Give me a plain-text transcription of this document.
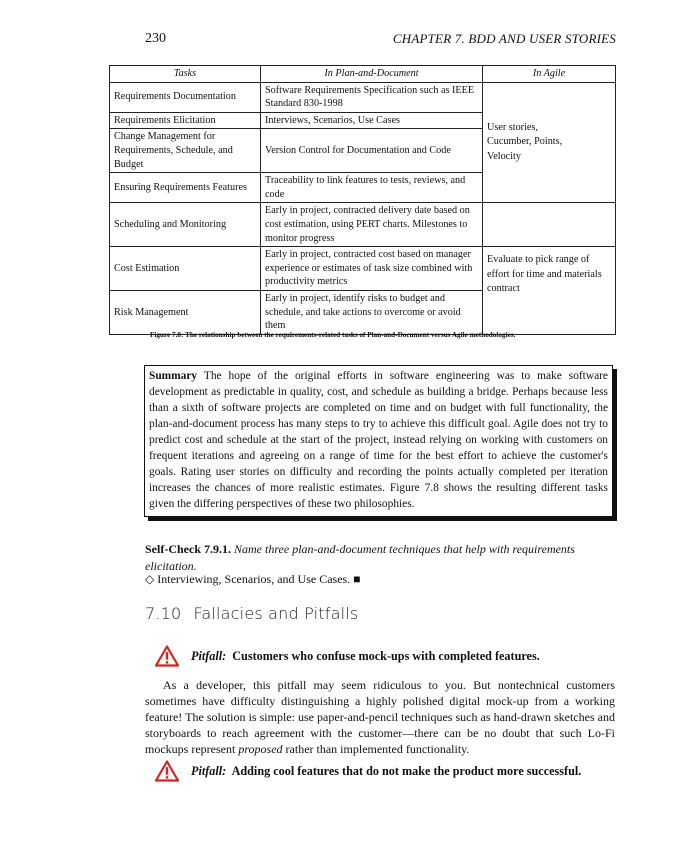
230	CHAPTER 7. BDD AND USER STORIES
Tasks	In Plan-and-Document	In Agile
Requirements Documentation	Software Requirements Specification such as IEEE Standard 830-1998	User stories, Cucumber, Points, Velocity

Requirements Elicitation	Interviews, Scenarios, Use Cases	
Change Management for Requirements, Schedule, and Budget	Version Control for Documentation and Code	
Ensuring Requirements Features	Traceability to link features to tests, reviews, and code	
Scheduling and Monitoring	Early in project, contracted delivery date based on cost estimation, using PERT charts. Milestones to monitor progress	
Cost Estimation	Early in project, contracted cost based on manager experience or estimates of task size combined with productivity metrics	Evaluate to pick range of effort for time and materials contract

Risk Management	Early in project, identify risks to budget and schedule, and take actions to overcome or avoid them	
Figure 7.8: The relationship between the requirements-related tasks of Plan-and-Document versus Agile methodologies.
Summary The hope of the original efforts in software engineering was to make software development as predictable in quality, cost, and schedule as building a bridge. Perhaps because less than a sixth of software projects are completed on time and on budget with full functionality, the plan-and-document process has many steps to try to achieve this difficult goal. Agile does not try to predict cost and schedule at the start of the project, instead relying on working with customers on frequent iterations and agreeing on a range of time for the best effort to achieve the customer's goals. Rating user stories on difficulty and recording the points actually completed per iteration increases the chances of more realistic estimates. Figure 7.8 shows the resulting different tasks given the differing perspectives of these two philosophies.
Self-Check 7.9.1. Name three plan-and-document techniques that help with requirements elicitation.
◇ Interviewing, Scenarios, and Use Cases. ■
7.10 Fallacies and Pitfalls
Pitfall: Customers who confuse mock-ups with completed features.
As a developer, this pitfall may seem ridiculous to you. But nontechnical customers sometimes have difficulty distinguishing a highly polished digital mock-up from a working feature! The solution is simple: use paper-and-pencil techniques such as hand-drawn sketches and storyboards to reach agreement with the customer—there can be no doubt that such Lo-Fi mockups represent proposed rather than implemented functionality.
Pitfall: Adding cool features that do not make the product more successful.
